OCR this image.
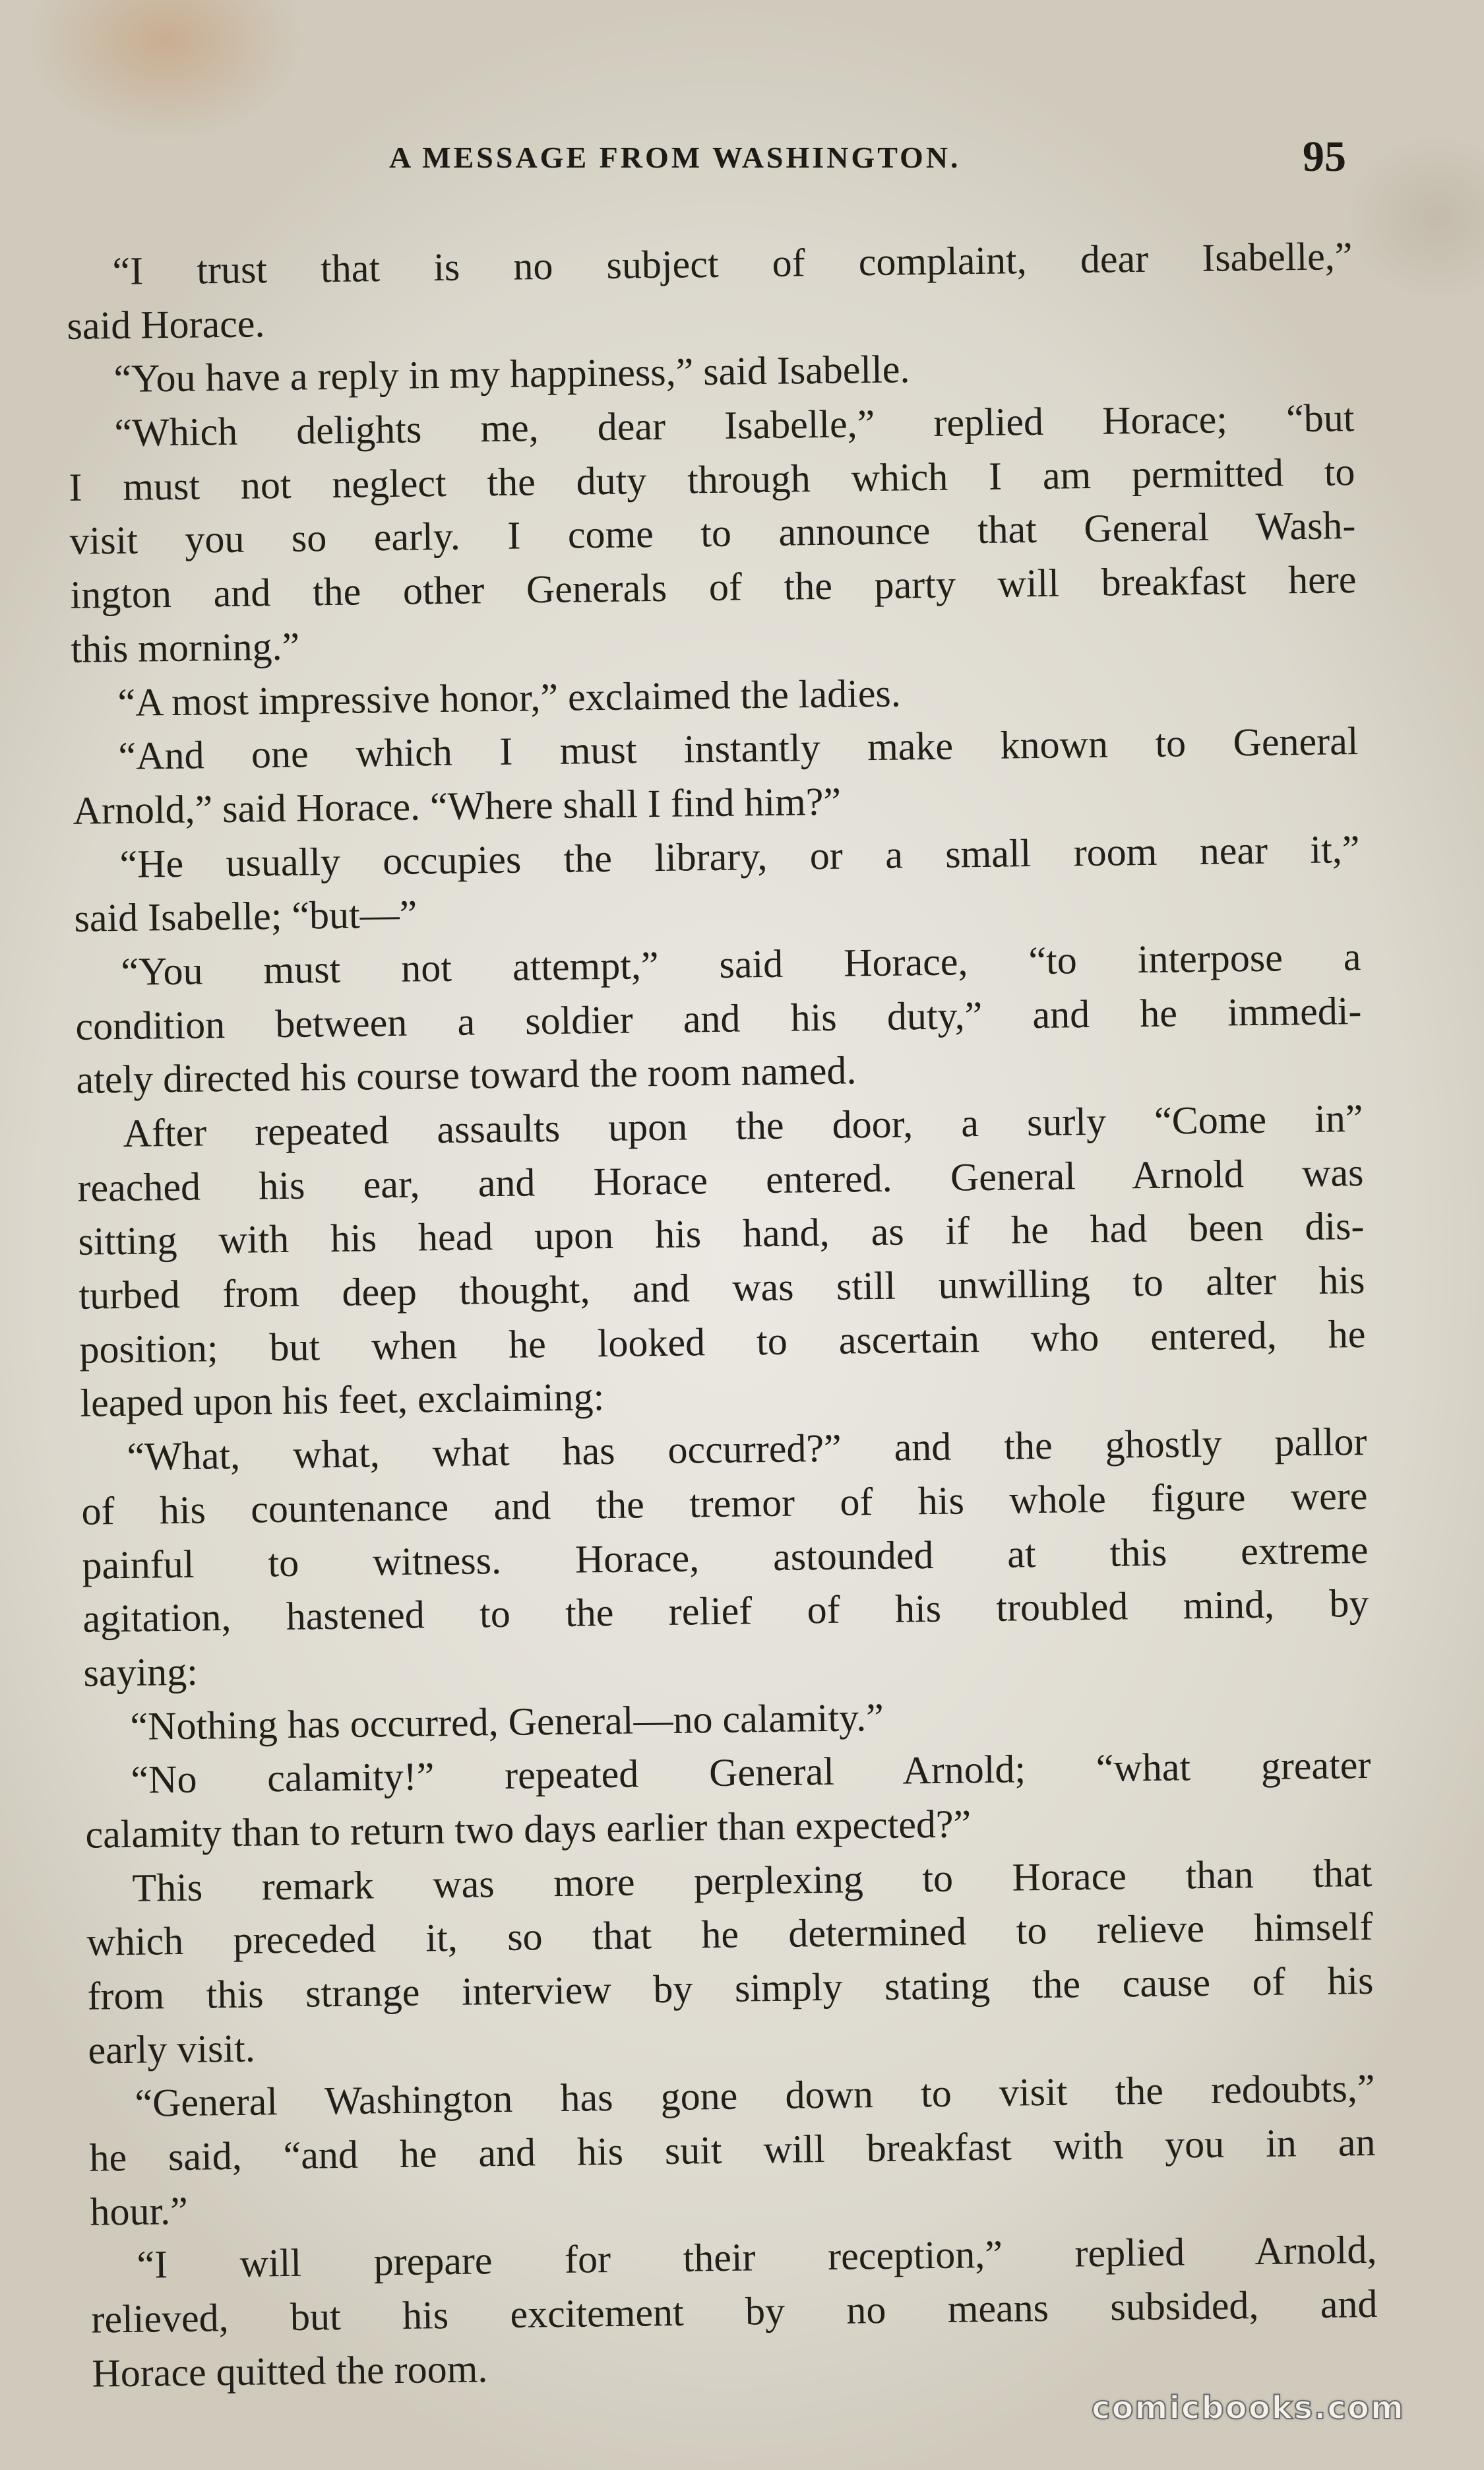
A MESSAGE FROM WASHINGTON.	95
“I trust that is no subject of complaint, dear Isabelle,”
said Horace.
“You have a reply in my happiness,” said Isabelle.
“Which delights me, dear Isabelle,” replied Horace; “but
I must not neglect the duty through which I am permitted to
visit you so early. I come to announce that General Wash-
ington and the other Generals of the party will breakfast here
this morning.”
“A most impressive honor,” exclaimed the ladies.
“And one which I must instantly make known to General
Arnold,” said Horace. “Where shall I find him?”
“He usually occupies the library, or a small room near it,”
said Isabelle; “but—”
“You must not attempt,” said Horace, “to interpose a
condition between a soldier and his duty,” and he immedi-
ately directed his course toward the room named.
After repeated assaults upon the door, a surly “Come in”
reached his ear, and Horace entered. General Arnold was
sitting with his head upon his hand, as if he had been dis-
turbed from deep thought, and was still unwilling to alter his
position; but when he looked to ascertain who entered, he
leaped upon his feet, exclaiming:
“What, what, what has occurred?” and the ghostly pallor
of his countenance and the tremor of his whole figure were
painful to witness. Horace, astounded at this extreme
agitation, hastened to the relief of his troubled mind, by
saying:
“Nothing has occurred, General—no calamity.”
“No calamity!” repeated General Arnold; “what greater
calamity than to return two days earlier than expected?”
This remark was more perplexing to Horace than that
which preceded it, so that he determined to relieve himself
from this strange interview by simply stating the cause of his
early visit.
“General Washington has gone down to visit the redoubts,”
he said, “and he and his suit will breakfast with you in an
hour.”
“I will prepare for their reception,” replied Arnold,
relieved, but his excitement by no means subsided, and
Horace quitted the room.
comicbooks.com
